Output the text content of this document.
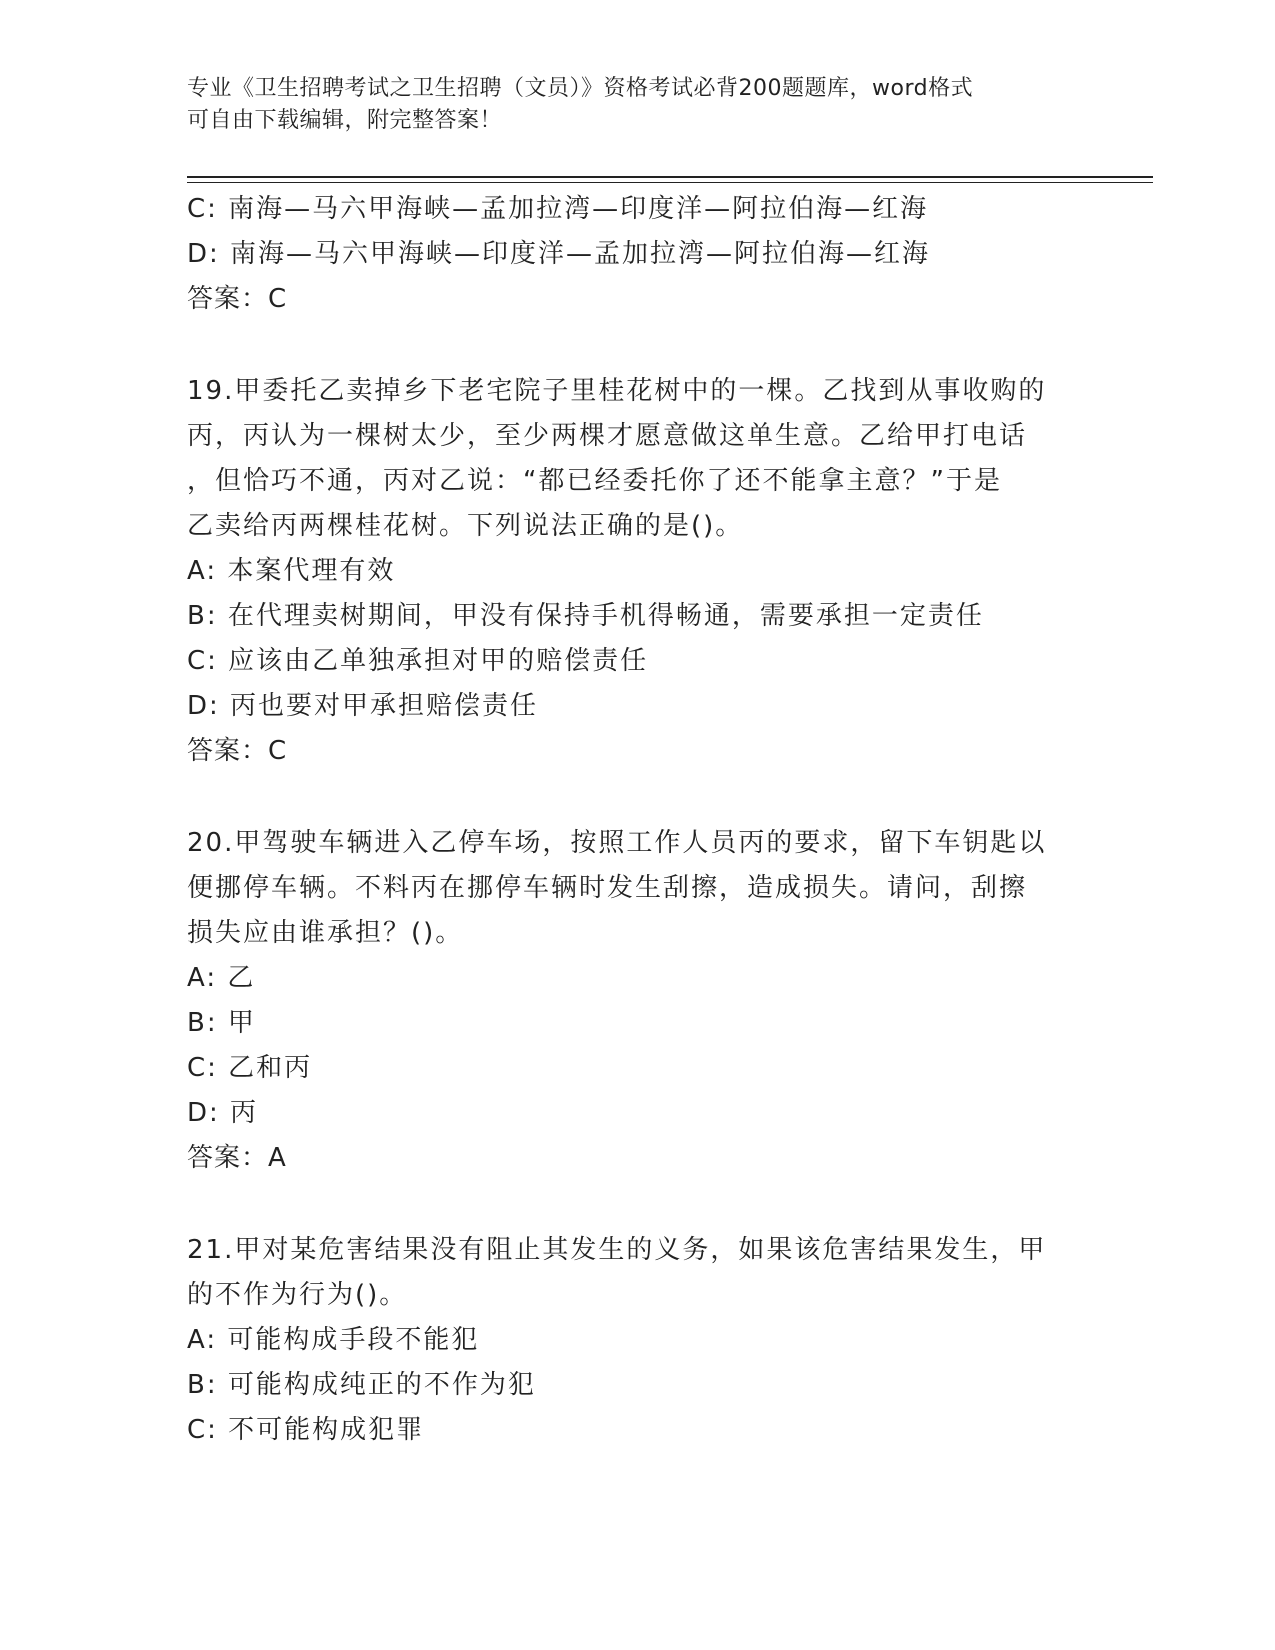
专业《卫生招聘考试之卫生招聘（文员）》资格考试必背200题题库，word格式
可自由下载编辑，附完整答案！
C: 南海—马六甲海峡—孟加拉湾—印度洋—阿拉伯海—红海
D: 南海—马六甲海峡—印度洋—孟加拉湾—阿拉伯海—红海
答案：C
19.甲委托乙卖掉乡下老宅院子里桂花树中的一棵。乙找到从事收购的
丙，丙认为一棵树太少，至少两棵才愿意做这单生意。乙给甲打电话
，但恰巧不通，丙对乙说：“都已经委托你了还不能拿主意？”于是
乙卖给丙两棵桂花树。下列说法正确的是()。
A: 本案代理有效
B: 在代理卖树期间，甲没有保持手机得畅通，需要承担一定责任
C: 应该由乙单独承担对甲的赔偿责任
D: 丙也要对甲承担赔偿责任
答案：C
20.甲驾驶车辆进入乙停车场，按照工作人员丙的要求，留下车钥匙以
便挪停车辆。不料丙在挪停车辆时发生刮擦，造成损失。请问，刮擦
损失应由谁承担？()。
A: 乙
B: 甲
C: 乙和丙
D: 丙
答案：A
21.甲对某危害结果没有阻止其发生的义务，如果该危害结果发生，甲
的不作为行为()。
A: 可能构成手段不能犯
B: 可能构成纯正的不作为犯
C: 不可能构成犯罪
